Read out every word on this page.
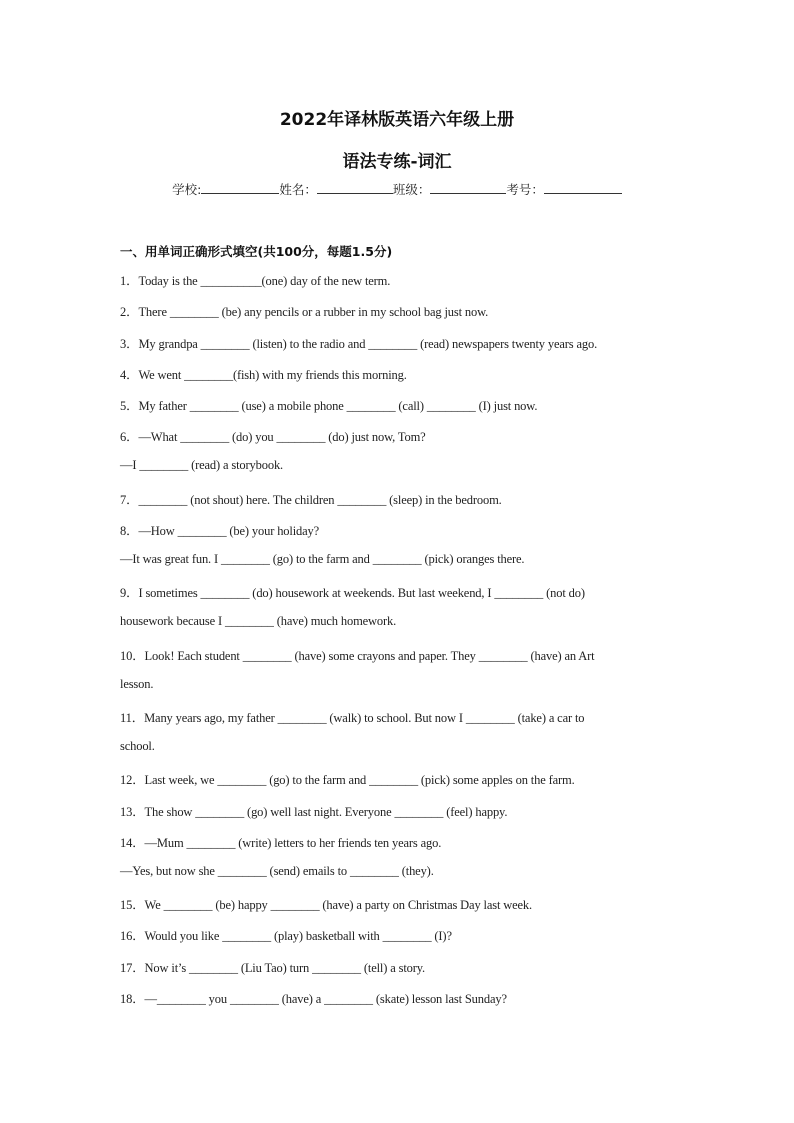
2022年译林版英语六年级上册
语法专练-词汇
学校:	姓名：	班级：	考号：
一、用单词正确形式填空(共100分，每题1.5分)
1．Today is the __________(one) day of the new term.
2．There ________ (be) any pencils or a rubber in my school bag just now.
3．My grandpa ________ (listen) to the radio and ________ (read) newspapers twenty years ago.
4．We went ________(fish) with my friends this morning.
5．My father ________ (use) a mobile phone ________ (call) ________ (I) just now.
6．—What ________ (do) you ________ (do) just now, Tom?
—I ________ (read) a storybook.
7．________ (not shout) here. The children ________ (sleep) in the bedroom.
8．—How ________ (be) your holiday?
—It was great fun. I ________ (go) to the farm and ________ (pick) oranges there.
9．I sometimes ________ (do) housework at weekends. But last weekend, I ________ (not do)
housework because I ________ (have) much homework.
10．Look! Each student ________ (have) some crayons and paper. They ________ (have) an Art
lesson.
11．Many years ago, my father ________ (walk) to school. But now I ________ (take) a car to
school.
12．Last week, we ________ (go) to the farm and ________ (pick) some apples on the farm.
13．The show ________ (go) well last night. Everyone ________ (feel) happy.
14．—Mum ________ (write) letters to her friends ten years ago.
—Yes, but now she ________ (send) emails to ________ (they).
15．We ________ (be) happy ________ (have) a party on Christmas Day last week.
16．Would you like ________ (play) basketball with ________ (I)?
17．Now it’s ________ (Liu Tao) turn ________ (tell) a story.
18．—________ you ________ (have) a ________ (skate) lesson last Sunday?
